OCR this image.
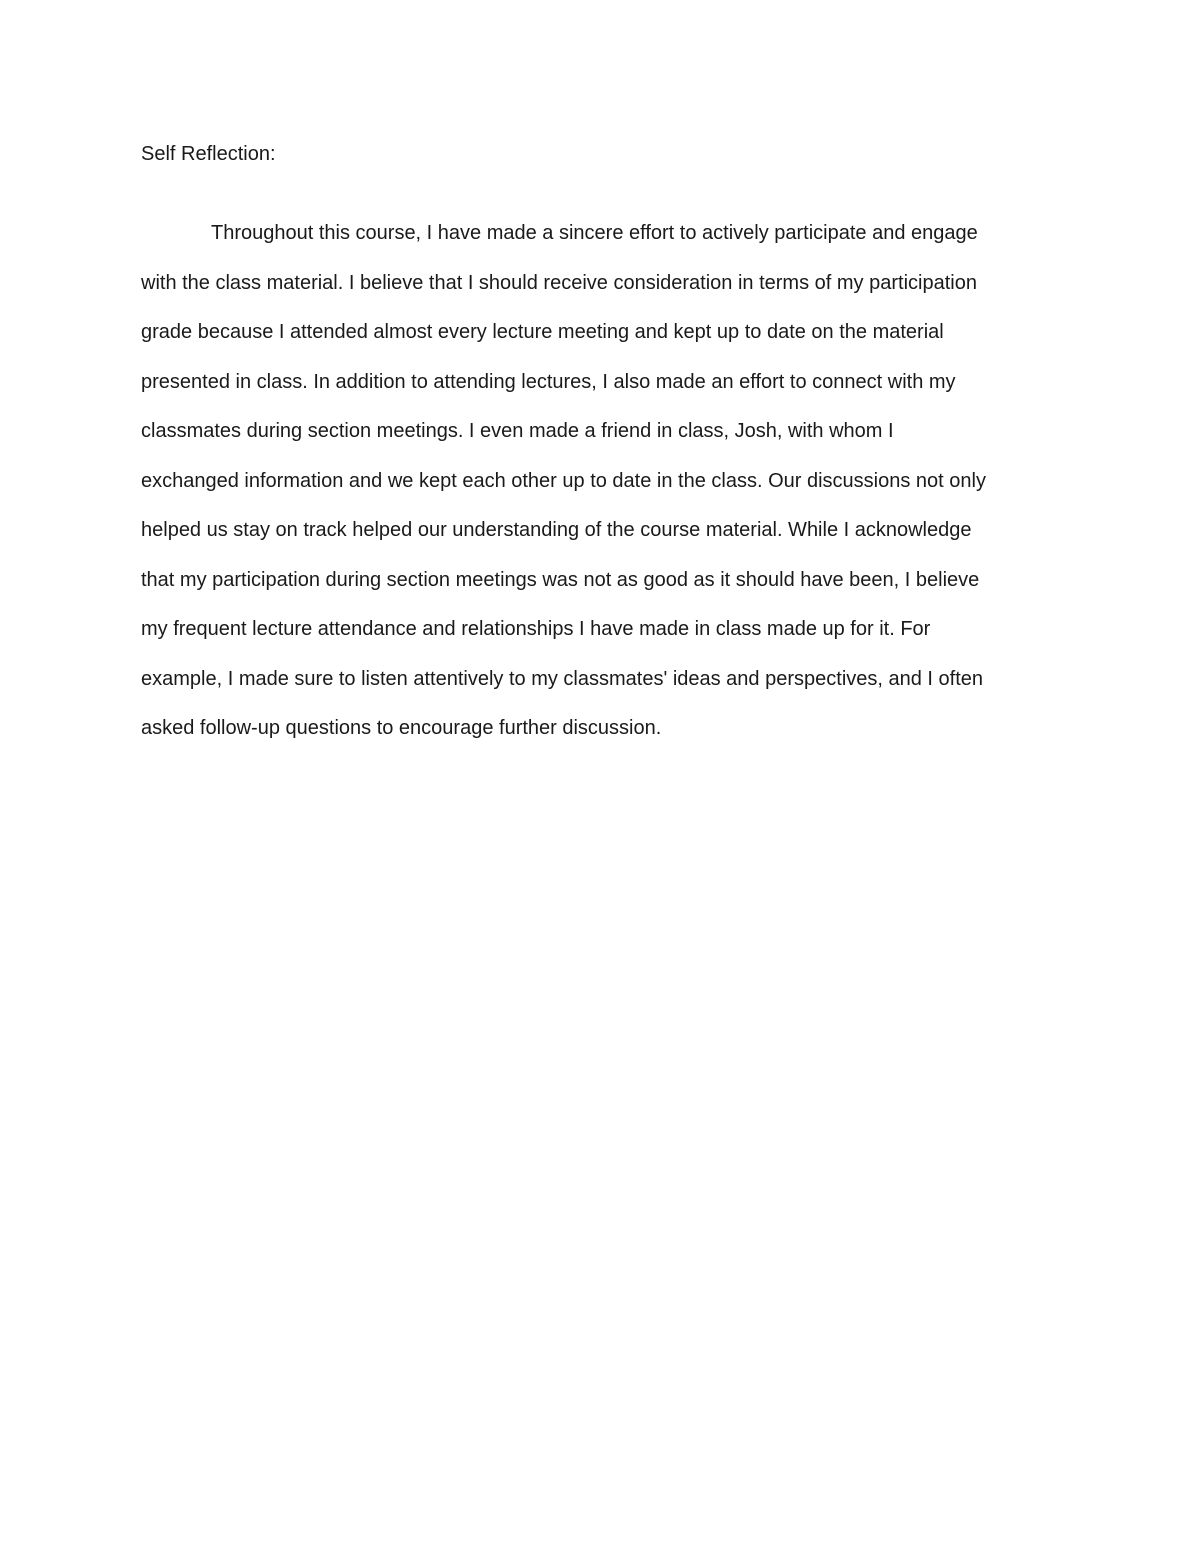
Self Reflection:
Throughout this course, I have made a sincere effort to actively participate and engage
with the class material. I believe that I should receive consideration in terms of my participation
grade because I attended almost every lecture meeting and kept up to date on the material
presented in class. In addition to attending lectures, I also made an effort to connect with my
classmates during section meetings. I even made a friend in class, Josh, with whom I
exchanged information and we kept each other up to date in the class. Our discussions not only
helped us stay on track helped our understanding of the course material. While I acknowledge
that my participation during section meetings was not as good as it should have been, I believe
my frequent lecture attendance and relationships I have made in class made up for it. For
example, I made sure to listen attentively to my classmates' ideas and perspectives, and I often
asked follow-up questions to encourage further discussion.
